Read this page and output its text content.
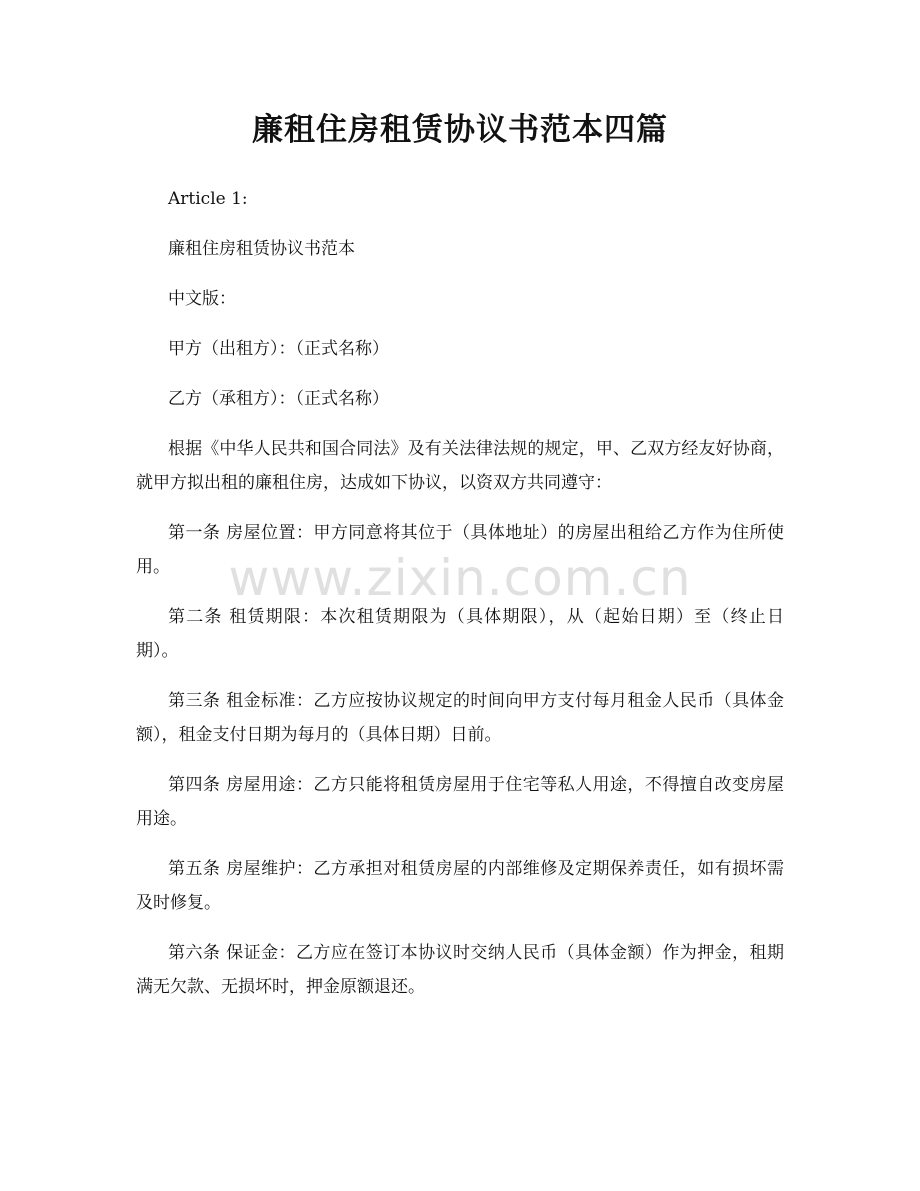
廉租住房租赁协议书范本四篇

Article 1:

廉租住房租赁协议书范本

中文版：

甲方（出租方）：（正式名称）

乙方（承租方）：（正式名称）

根据《中华人民共和国合同法》及有关法律法规的规定，甲、乙双方经友好协商，就甲方拟出租的廉租住房，达成如下协议，以资双方共同遵守：

第一条 房屋位置：甲方同意将其位于（具体地址）的房屋出租给乙方作为住所使用。

第二条 租赁期限：本次租赁期限为（具体期限），从（起始日期）至（终止日期）。

第三条 租金标准：乙方应按协议规定的时间向甲方支付每月租金人民币（具体金额），租金支付日期为每月的（具体日期）日前。

第四条 房屋用途：乙方只能将租赁房屋用于住宅等私人用途，不得擅自改变房屋用途。

第五条 房屋维护：乙方承担对租赁房屋的内部维修及定期保养责任，如有损坏需及时修复。

第六条 保证金：乙方应在签订本协议时交纳人民币（具体金额）作为押金，租期满无欠款、无损坏时，押金原额退还。

www.zixin.com.cn
